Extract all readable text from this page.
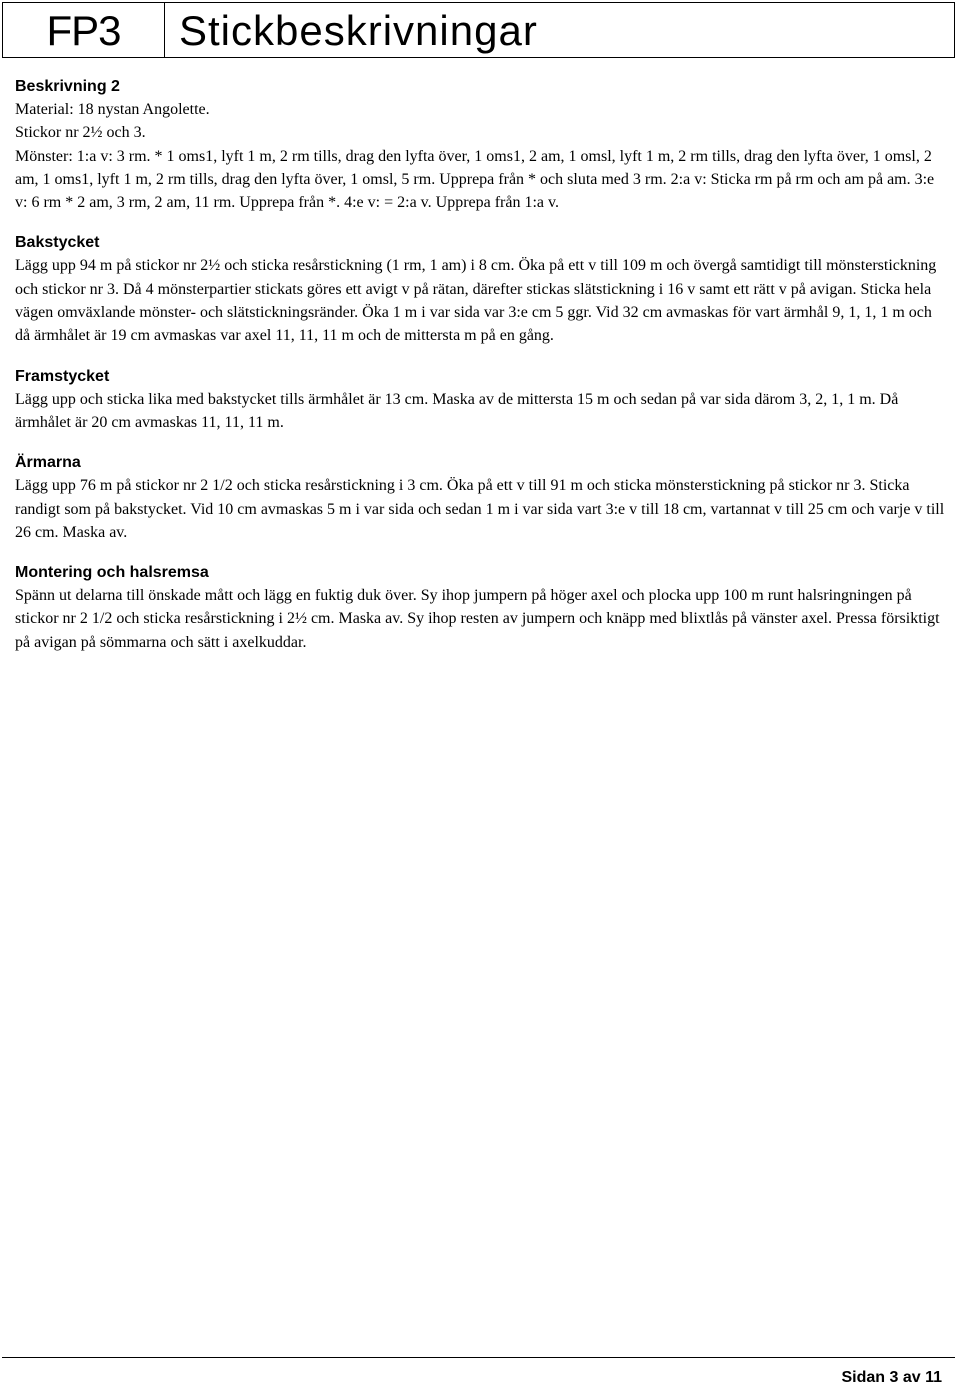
FP3	Stickbeskrivningar
Beskrivning 2

Material: 18 nystan Angolette.

Stickor nr 2½ och 3.

Mönster: 1:a v: 3 rm. * 1 oms1, lyft 1 m, 2 rm tills, drag den lyfta över, 1 oms1, 2 am, 1 omsl, lyft 1 m, 2 rm tills, drag den lyfta över, 1 omsl, 2 am, 1 oms1, lyft 1 m, 2 rm tills, drag den lyfta över, 1 omsl, 5 rm. Upprepa från * och sluta med 3 rm. 2:a v: Sticka rm på rm och am på am. 3:e v: 6 rm * 2 am, 3 rm, 2 am, 11 rm. Upprepa från *. 4:e v: = 2:a v. Upprepa från 1:a v.

Bakstycket

Lägg upp 94 m på stickor nr 2½ och sticka resårstickning (1 rm, 1 am) i 8 cm. Öka på ett v till 109 m och övergå samtidigt till mönsterstickning och stickor nr 3. Då 4 mönsterpartier stickats göres ett avigt v på rätan, därefter stickas slätstickning i 16 v samt ett rätt v på avigan. Sticka hela vägen omväxlande mönster- och slätstickningsränder. Öka 1 m i var sida var 3:e cm 5 ggr. Vid 32 cm avmaskas för vart ärmhål 9, 1, 1, 1 m och då ärmhålet är 19 cm avmaskas var axel 11, 11, 11 m och de mittersta m på en gång.

Framstycket

Lägg upp och sticka lika med bakstycket tills ärmhålet är 13 cm. Maska av de mittersta 15 m och sedan på var sida därom 3, 2, 1, 1 m. Då ärmhålet är 20 cm avmaskas 11, 11, 11 m.

Ärmarna

Lägg upp 76 m på stickor nr 2 1/2 och sticka resårstickning i 3 cm. Öka på ett v till 91 m och sticka mönsterstickning på stickor nr 3. Sticka randigt som på bakstycket. Vid 10 cm avmaskas 5 m i var sida och sedan 1 m i var sida vart 3:e v till 18 cm, vartannat v till 25 cm och varje v till 26 cm. Maska av.

Montering och halsremsa

Spänn ut delarna till önskade mått och lägg en fuktig duk över. Sy ihop jumpern på höger axel och plocka upp 100 m runt halsringningen på stickor nr 2 1/2 och sticka resårstickning i 2½ cm. Maska av. Sy ihop resten av jumpern och knäpp med blixtlås på vänster axel. Pressa försiktigt på avigan på sömmarna och sätt i axelkuddar.

Sidan 3 av 11
